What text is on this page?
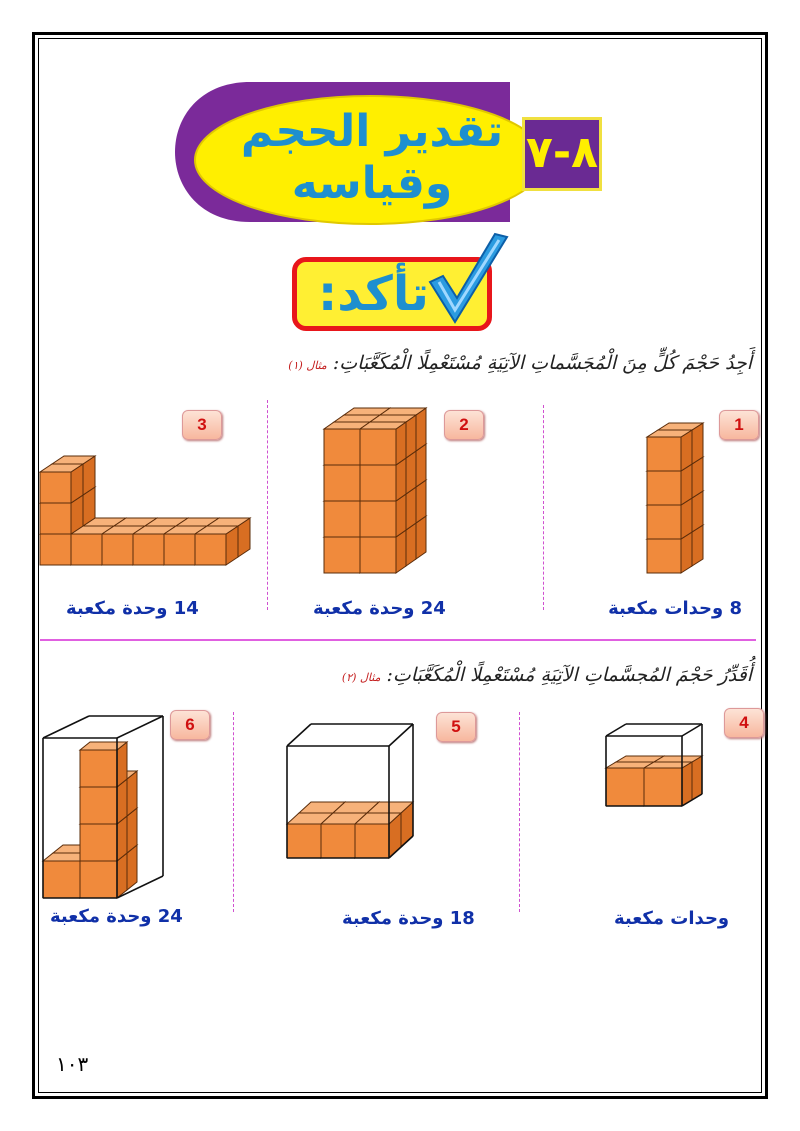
تقدير الحجم
وقياسه
٨-٧
تأكد:
أَجِدُ حَجْمَ كُلٍّ مِنَ الْمُجَسَّماتِ الآتِيَةِ مُسْتَعْمِلًا الْمُكَعَّبَاتِ: مثال (١)
1
2
3
8 وحدات مكعبة
24 وحدة مكعبة
14 وحدة مكعبة
أُقَدِّرُ حَجْمَ المُجسَّماتِ الآتِيَةِ مُسْتَعْمِلًا الْمُكَعَّبَاتِ: مثال (٢)
4
5
6
وحدات مكعبة
18 وحدة مكعبة
24 وحدة مكعبة
١٠٣
